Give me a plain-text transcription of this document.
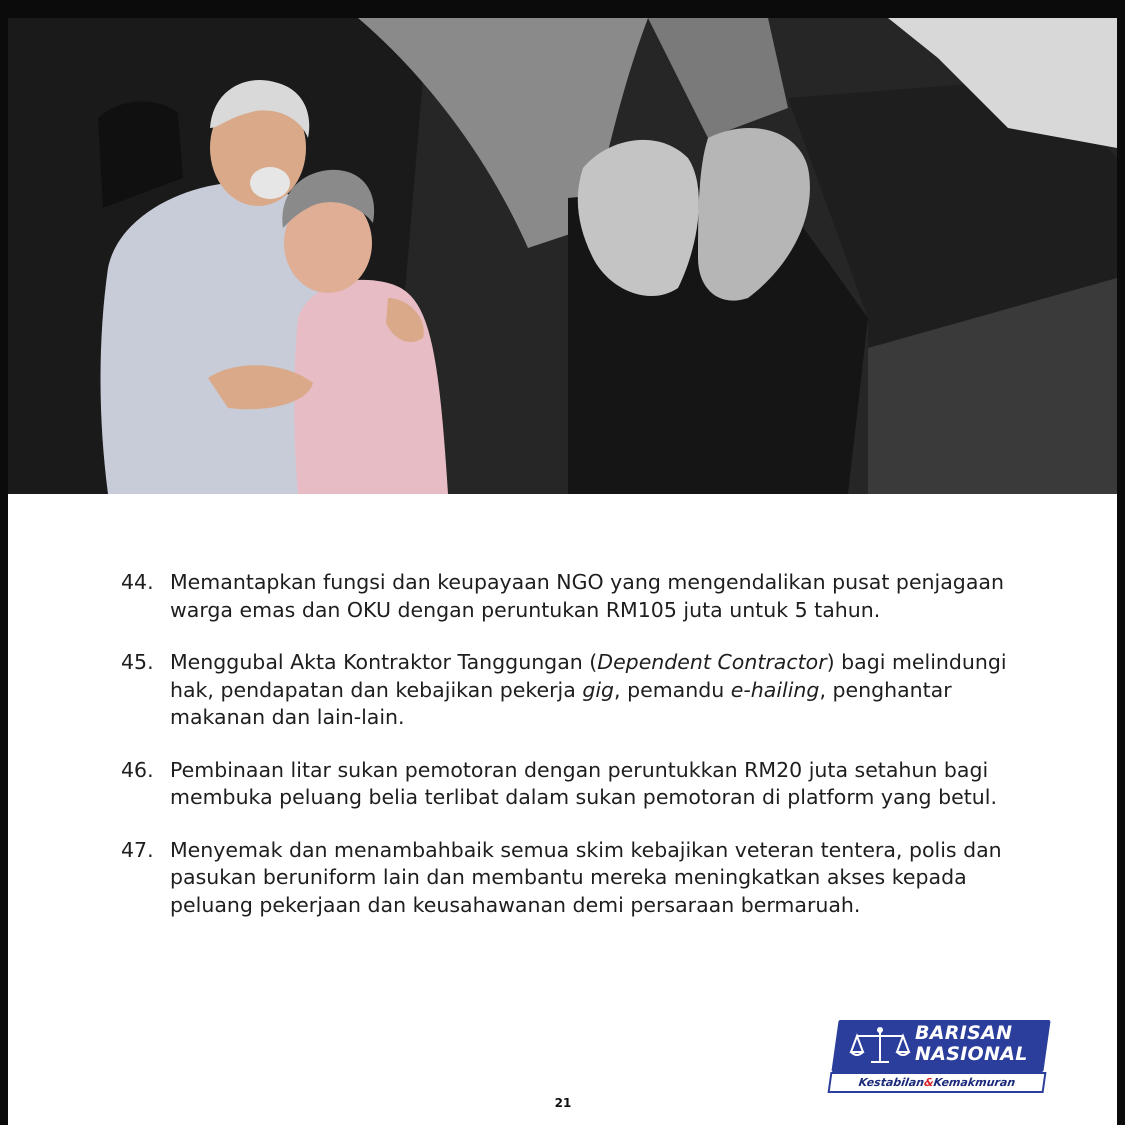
44. Memantapkan fungsi dan keupayaan NGO yang mengendalikan pusat penjagaan warga emas dan OKU dengan peruntukan RM105 juta untuk 5 tahun.
45. Menggubal Akta Kontraktor Tanggungan (Dependent Contractor) bagi melindungi hak, pendapatan dan kebajikan pekerja gig, pemandu e-hailing, penghantar makanan dan lain-lain.
46. Pembinaan litar sukan pemotoran dengan peruntukkan RM20 juta setahun bagi membuka peluang belia terlibat dalam sukan pemotoran di platform yang betul.
47. Menyemak dan menambahbaik semua skim kebajikan veteran tentera, polis dan pasukan beruniform lain dan membantu mereka meningkatkan akses kepada peluang pekerjaan dan keusahawanan demi persaraan bermaruah.
BARISAN
NASIONAL
Kestabilan&Kemakmuran
21
